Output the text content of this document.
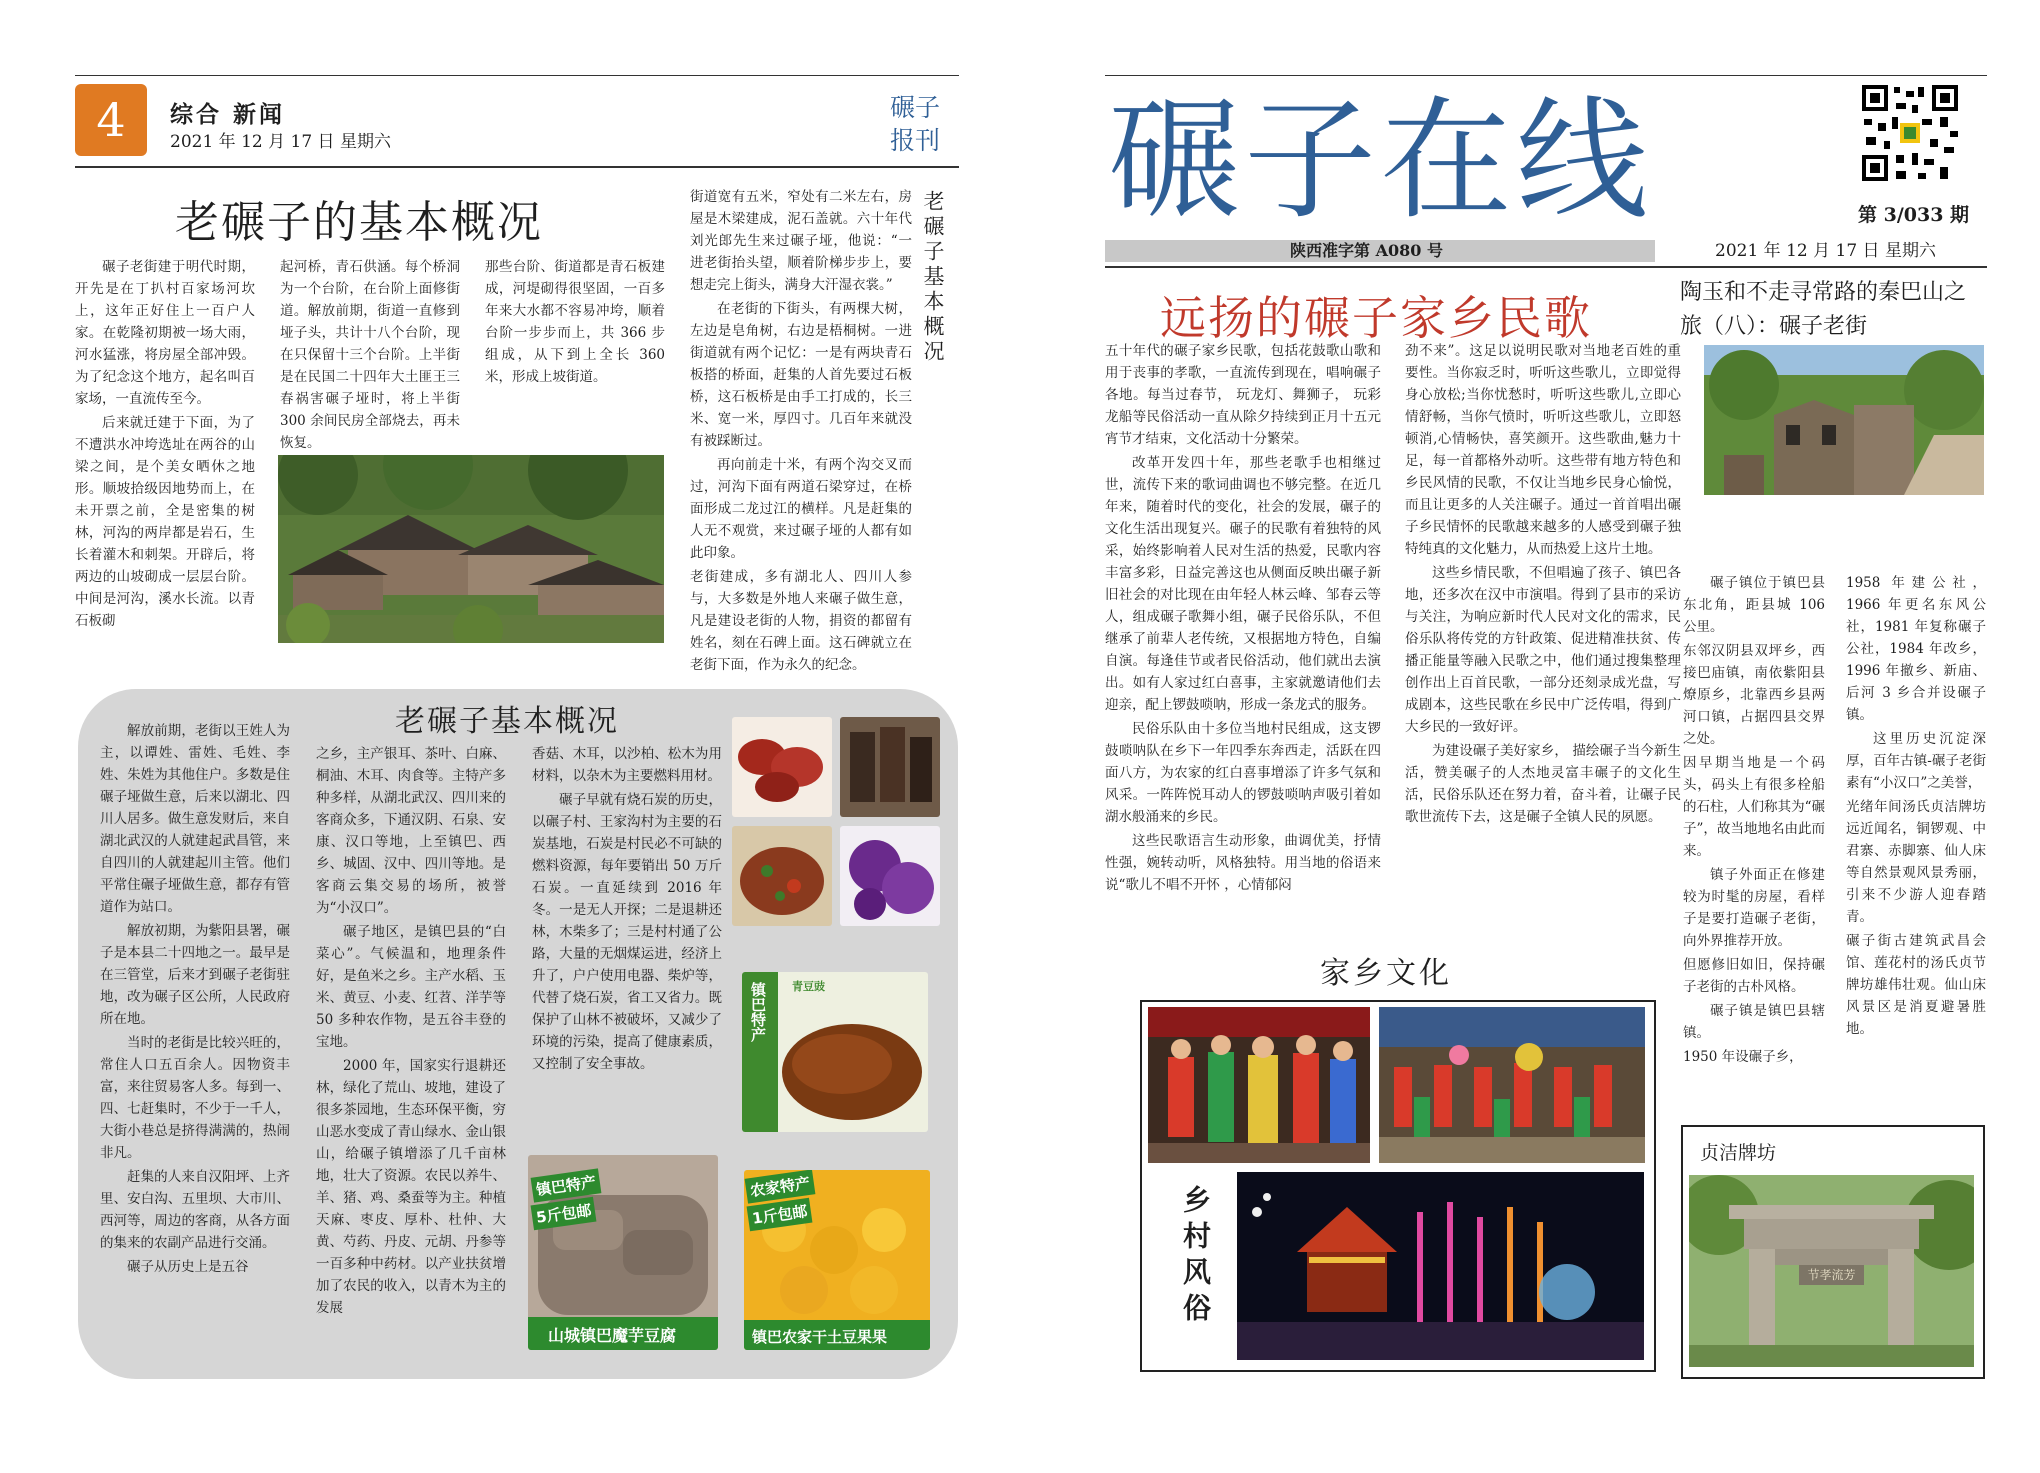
4	综合 新闻
2021 年 12 月 17 日 星期六
碾子
报刊
老碾子的基本概况

碾子老街建于明代时期，开先是在丁扒村百家场河坎上，这年正好住上一百户人家。在乾隆初期被一场大雨，河水猛涨，将房屋全部冲毁。为了纪念这个地方，起名叫百家场，一直流传至今。

后来就迁建于下面，为了不遭洪水冲垮选址在两谷的山梁之间，是个美女晒休之地形。顺坡拾级因地势而上，在未开票之前，全是密集的树林，河沟的两岸都是岩石，生长着灌木和刺架。开辟后，将两边的山坡砌成一层层台阶。中间是河沟，溪水长流。以青石板砌

起河桥，青石供涵。每个桥洞为一个台阶，在台阶上面修街道。解放前期，街道一直修到垭子头，共计十八个台阶，现在只保留十三个台阶。上半街是在民国二十四年大土匪王三春祸害碾子垭时，将上半街 300 余间民房全部烧去，再未恢复。

那些台阶、街道都是青石板建成，河堤砌得很坚固，一百多年来大水都不容易冲垮，顺着台阶一步步而上，共 366 步组成，从下到上全长 360 米，形成上坡街道。

街道宽有五米，窄处有二米左右，房屋是木梁建成，泥石盖就。六十年代刘光郎先生来过碾子垭，他说：“一进老街抬头望，顺着阶梯步步上，要想走完上街头，满身大汗湿衣裳。”

在老街的下街头，有两棵大树，左边是皂角树，右边是梧桐树。一进街道就有两个记忆：一是有两块青石板搭的桥面，赶集的人首先要过石板桥，这石板桥是由手工打成的，长三米、宽一米，厚四寸。几百年来就没有被踩断过。

再向前走十米，有两个沟交叉而过，河沟下面有两道石梁穿过，在桥面形成二龙过江的横样。凡是赶集的人无不观赏，来过碾子垭的人都有如此印象。

老街建成，多有湖北人、四川人参与，大多数是外地人来碾子做生意，凡是建设老街的人物，捐资的都留有姓名，刻在石碑上面。这石碑就立在老街下面，作为永久的纪念。

老碾子基本概况
老碾子基本概况

解放前期，老街以王姓人为主，以谭姓、雷姓、毛姓、李姓、朱姓为其他住户。多数是住碾子垭做生意，后来以湖北、四川人居多。做生意发财后，来自湖北武汉的人就建起武昌管，来自四川的人就建起川主管。他们平常住碾子垭做生意，都存有管道作为站口。

解放初期，为紫阳县署，碾子是本县二十四地之一。最早是在三管堂，后来才到碾子老街驻地，改为碾子区公所，人民政府所在地。

当时的老街是比较兴旺的，常住人口五百余人。因物资丰富，来往贸易客人多。每到一、四、七赶集时，不少于一千人，大街小巷总是挤得满满的，热闹非凡。

赶集的人来自汉阳坪、上齐里、安白沟、五里坝、大市川、西河等，周边的客商，从各方面的集来的农副产品进行交涌。

碾子从历史上是五谷

之乡，主产银耳、茶叶、白麻、桐油、木耳、肉食等。主特产多种多样，从湖北武汉、四川来的客商众多，下通汉阴、石泉、安康、汉口等地，上至镇巴、西乡、城固、汉中、四川等地。是客商云集交易的场所，被誉为“小汉口”。

碾子地区，是镇巴县的“白菜心”。气候温和，地理条件好，是鱼米之乡。主产水稻、玉米、黄豆、小麦、红苕、洋芋等 50 多种农作物，是五谷丰登的宝地。

2000 年，国家实行退耕还林，绿化了荒山、坡地，建设了很多茶园地，生态环保平衡，穷山恶水变成了青山绿水、金山银山，给碾子镇增添了几千亩林地，壮大了资源。农民以养牛、羊、猪、鸡、桑蚕等为主。种植天麻、枣皮、厚朴、杜仲、大黄、芍药、丹皮、元胡、丹参等一百多种中药材。以产业扶贫增加了农民的收入，以青木为主的发展

香菇、木耳，以沙柏、松木为用材料，以杂木为主要燃料用材。

碾子早就有烧石炭的历史，以碾子村、王家沟村为主要的石炭基地，石炭是村民必不可缺的燃料资源，每年要销出 50 万斤石炭。一直延续到 2016 年冬。一是无人开探；二是退耕还林，木柴多了；三是村村通了公路，大量的无烟煤运进，经济上升了，户户使用电器、柴炉等，代替了烧石炭，省工又省力。既保护了山林不被破坏，又减少了环境的污染，提高了健康素质，又控制了安全事故。

镇巴特产 青豆豉
镇巴特产
5斤包邮
山城镇巴魔芋豆腐
农家特产
1斤包邮
镇巴农家干土豆果果
碾子在线	第 3/033 期
陕西准字第 A080 号	2021 年 12 月 17 日 星期六
远扬的碾子家乡民歌

五十年代的碾子家乡民歌，包括花鼓歌山歌和用于丧事的孝歌，一直流传到现在，唱响碾子各地。每当过春节， 玩龙灯、舞狮子， 玩彩龙船等民俗活动一直从除夕持续到正月十五元宵节才结束，文化活动十分繁荣。

改革开发四十年，那些老歌手也相继过世，流传下来的歌词曲调也不够完整。在近几年来，随着时代的变化，社会的发展，碾子的文化生活出现复兴。碾子的民歌有着独特的风采，始终影响着人民对生活的热爱，民歌内容丰富多彩，日益完善这也从侧面反映出碾子新旧社会的对比现在由年轻人林云峰、邹春云等人，组成碾子歌舞小组，碾子民俗乐队，不但继承了前辈人老传统，又根据地方特色，自编自演。每逢佳节或者民俗活动，他们就出去演出。如有人家过红白喜事，主家就邀请他们去迎亲，配上锣鼓唢呐，形成一条龙式的服务。

民俗乐队由十多位当地村民组成，这支锣鼓唢呐队在乡下一年四季东奔西走，活跃在四面八方，为农家的红白喜事增添了许多气氛和风采。一阵阵悦耳动人的锣鼓唢呐声吸引着如湖水般涌来的乡民。

这些民歌语言生动形象，曲调优美，抒情性强，婉转动听，风格独特。用当地的俗语来说“歌儿不唱不开怀 ，心情郁闷

劲不来”。这足以说明民歌对当地老百姓的重要性。当你寂乏时，听听这些歌儿，立即觉得身心放松;当你忧愁时，听听这些歌儿,立即心情舒畅，当你气愤时，听听这些歌儿，立即怒顿消,心情畅快，喜笑颜开。这些歌曲,魅力十足，每一首都格外动听。这些带有地方特色和乡民风情的民歌，不仅让当地乡民身心愉悦，而且让更多的人关注碾子。通过一首首唱出碾子乡民情怀的民歌越来越多的人感受到碾子独特纯真的文化魅力，从而热爱上这片土地。

这些乡情民歌，不但唱遍了孩子、镇巴各地，还多次在汉中市演唱。得到了县市的采访与关注，为响应新时代人民对文化的需求，民俗乐队将传党的方针政策、促进精准扶贫、传播正能量等融入民歌之中，他们通过搜集整理创作出上百首民歌，一部分还刻录成光盘，写成剧本，这些民歌在乡民中广泛传唱，得到广大乡民的一致好评。

为建设碾子美好家乡， 描绘碾子当今新生活，赞美碾子的人杰地灵富丰碾子的文化生活，民俗乐队还在努力着，奋斗着，让碾子民歌世流传下去，这是碾子全镇人民的夙愿。

陶玉和不走寻常路的秦巴山之旅（八）：碾子老街

碾子镇位于镇巴县东北角，距县城 106 公里。

东邻汉阴县双坪乡，西接巴庙镇，南依紫阳县燎原乡，北靠西乡县两河口镇，占据四县交界之处。

因早期当地是一个码头，码头上有很多栓船的石柱，人们称其为“碾子”，故当地地名由此而来。

镇子外面正在修建较为时髦的房屋，看样子是要打造碾子老街，向外界推荐开放。

但愿修旧如旧，保持碾子老街的古朴风格。

碾子镇是镇巴县辖镇。

1950 年设碾子乡，

1958 年建公社，1966 年更名东风公社，1981 年复称碾子公社，1984 年改乡，1996 年撤乡、新庙、后河 3 乡合并设碾子镇。

这里历史沉淀深厚，百年古镇-碾子老街素有“小汉口”之美誉，

光绪年间汤氏贞洁牌坊远近闻名，铜锣观、中君寨、赤脚寨、仙人床等自然景观风景秀丽，引来不少游人迎春踏青。

碾子街古建筑武昌会馆、莲花村的汤氏贞节牌坊雄伟壮观。仙山床风景区是消夏避暑胜地。

家乡文化
乡村风俗
贞洁牌坊
节孝流芳
